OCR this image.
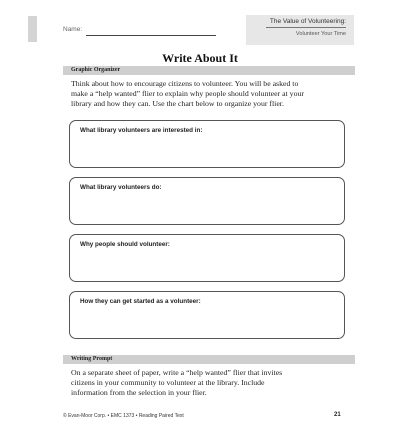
Name:
The Value of Volunteering:
Volunteer Your Time
Write About It
Graphic Organizer

Think about how to encourage citizens to volunteer. You will be asked to
make a “help wanted” flier to explain why people should volunteer at your
library and how they can. Use the chart below to organize your flier.

What library volunteers are interested in:
What library volunteers do:
Why people should volunteer:
How they can get started as a volunteer:
Writing Prompt

On a separate sheet of paper, write a “help wanted” flier that invites
citizens in your community to volunteer at the library. Include
information from the selection in your flier.

© Evan-Moor Corp. • EMC 1373 • Reading Paired Text	21
